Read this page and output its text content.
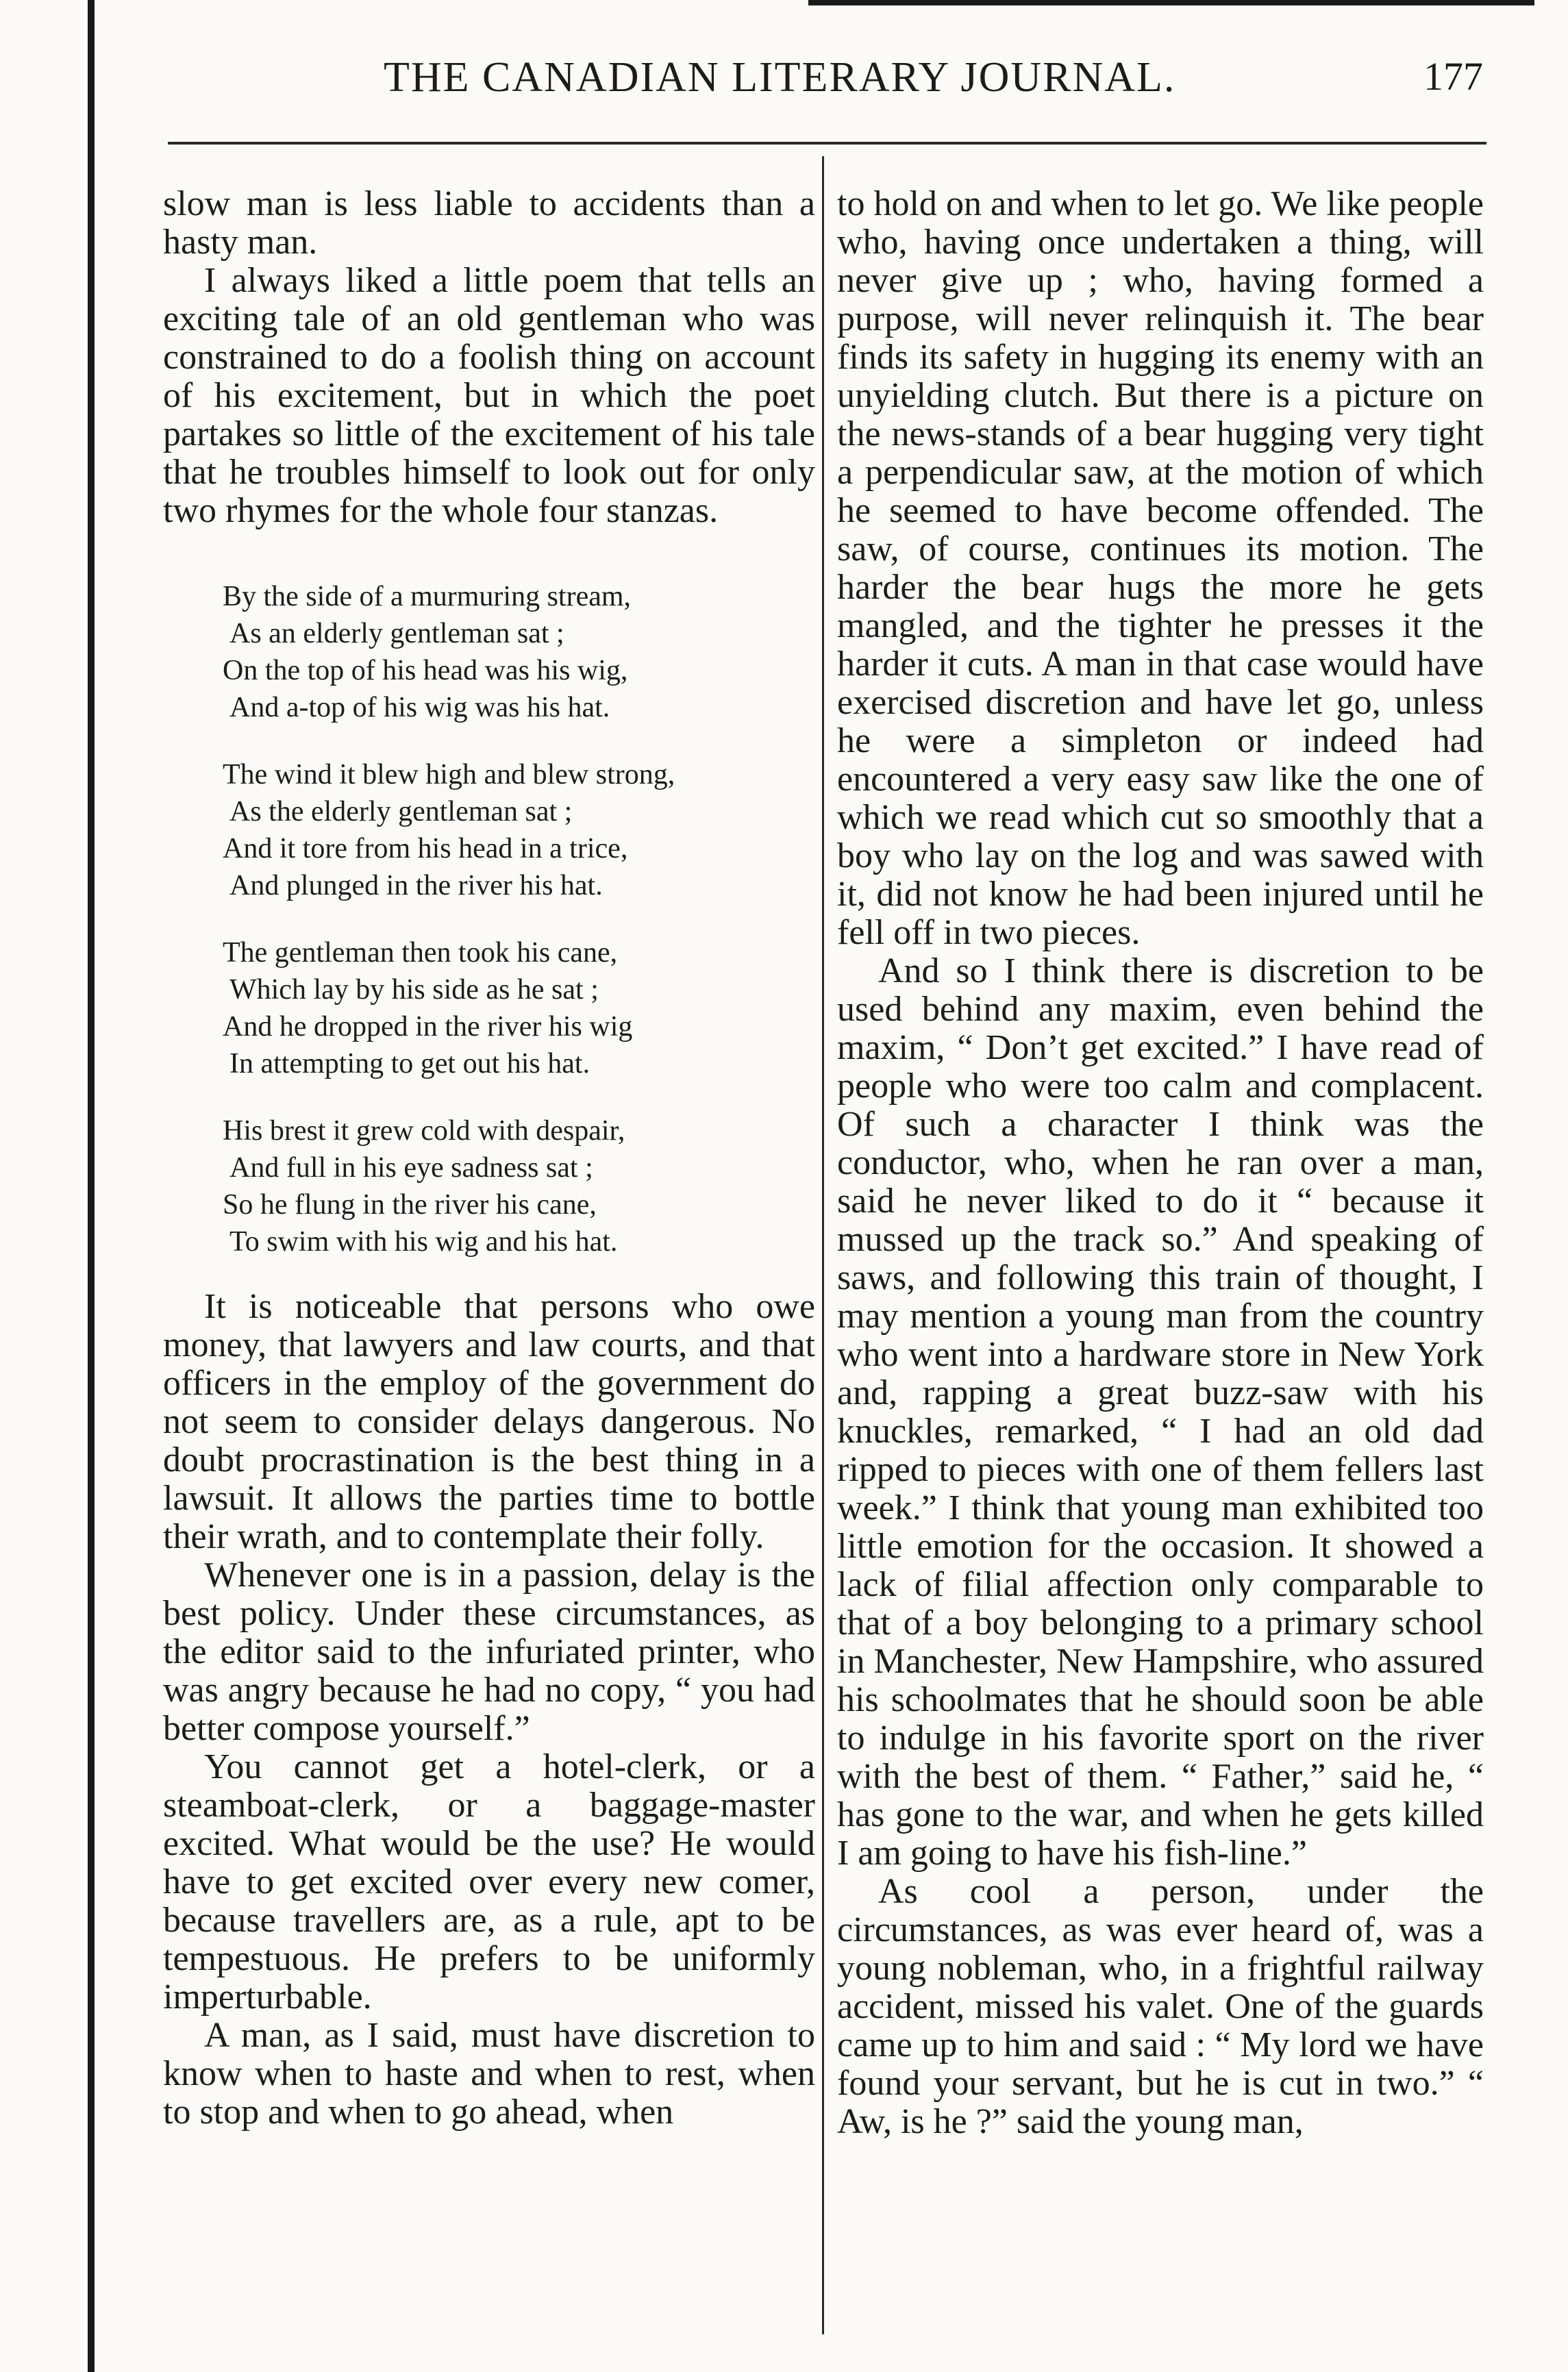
THE CANADIAN LITERARY JOURNAL.	177

slow man is less liable to accidents than a hasty man.

I always liked a little poem that tells an exciting tale of an old gentleman who was constrained to do a foolish thing on account of his excitement, but in which the poet partakes so little of the excitement of his tale that he troubles himself to look out for only two rhymes for the whole four stanzas.

By the side of a murmuring stream,
As an elderly gentleman sat ;
On the top of his head was his wig,
And a-top of his wig was his hat.
The wind it blew high and blew strong,
As the elderly gentleman sat ;
And it tore from his head in a trice,
And plunged in the river his hat.
The gentleman then took his cane,
Which lay by his side as he sat ;
And he dropped in the river his wig
In attempting to get out his hat.
His brest it grew cold with despair,
And full in his eye sadness sat ;
So he flung in the river his cane,
To swim with his wig and his hat.

It is noticeable that persons who owe money, that lawyers and law courts, and that officers in the employ of the government do not seem to consider delays dangerous. No doubt procrastination is the best thing in a lawsuit. It allows the parties time to bottle their wrath, and to contemplate their folly.

Whenever one is in a passion, delay is the best policy. Under these circumstances, as the editor said to the infuriated printer, who was angry because he had no copy, “ you had better compose yourself.”

You cannot get a hotel-clerk, or a steamboat-clerk, or a baggage-master excited. What would be the use? He would have to get excited over every new comer, because travellers are, as a rule, apt to be tempestuous. He prefers to be uniformly imperturbable.

A man, as I said, must have discretion to know when to haste and when to rest, when to stop and when to go ahead, when

to hold on and when to let go. We like people who, having once undertaken a thing, will never give up ; who, having formed a purpose, will never relinquish it. The bear finds its safety in hugging its enemy with an unyielding clutch. But there is a picture on the news-stands of a bear hugging very tight a perpendicular saw, at the motion of which he seemed to have become offended. The saw, of course, continues its motion. The harder the bear hugs the more he gets mangled, and the tighter he presses it the harder it cuts. A man in that case would have exercised discretion and have let go, unless he were a simpleton or indeed had encountered a very easy saw like the one of which we read which cut so smoothly that a boy who lay on the log and was sawed with it, did not know he had been injured until he fell off in two pieces.

And so I think there is discretion to be used behind any maxim, even behind the maxim, “ Don’t get excited.” I have read of people who were too calm and complacent. Of such a character I think was the conductor, who, when he ran over a man, said he never liked to do it “ because it mussed up the track so.” And speaking of saws, and following this train of thought, I may mention a young man from the country who went into a hardware store in New York and, rapping a great buzz-saw with his knuckles, remarked, “ I had an old dad ripped to pieces with one of them fellers last week.” I think that young man exhibited too little emotion for the occasion. It showed a lack of filial affection only comparable to that of a boy belonging to a primary school in Manchester, New Hampshire, who assured his schoolmates that he should soon be able to indulge in his favorite sport on the river with the best of them. “ Father,” said he, “ has gone to the war, and when he gets killed I am going to have his fish-line.”

As cool a person, under the circumstances, as was ever heard of, was a young nobleman, who, in a frightful railway accident, missed his valet. One of the guards came up to him and said : “ My lord we have found your servant, but he is cut in two.” “ Aw, is he ?” said the young man,
